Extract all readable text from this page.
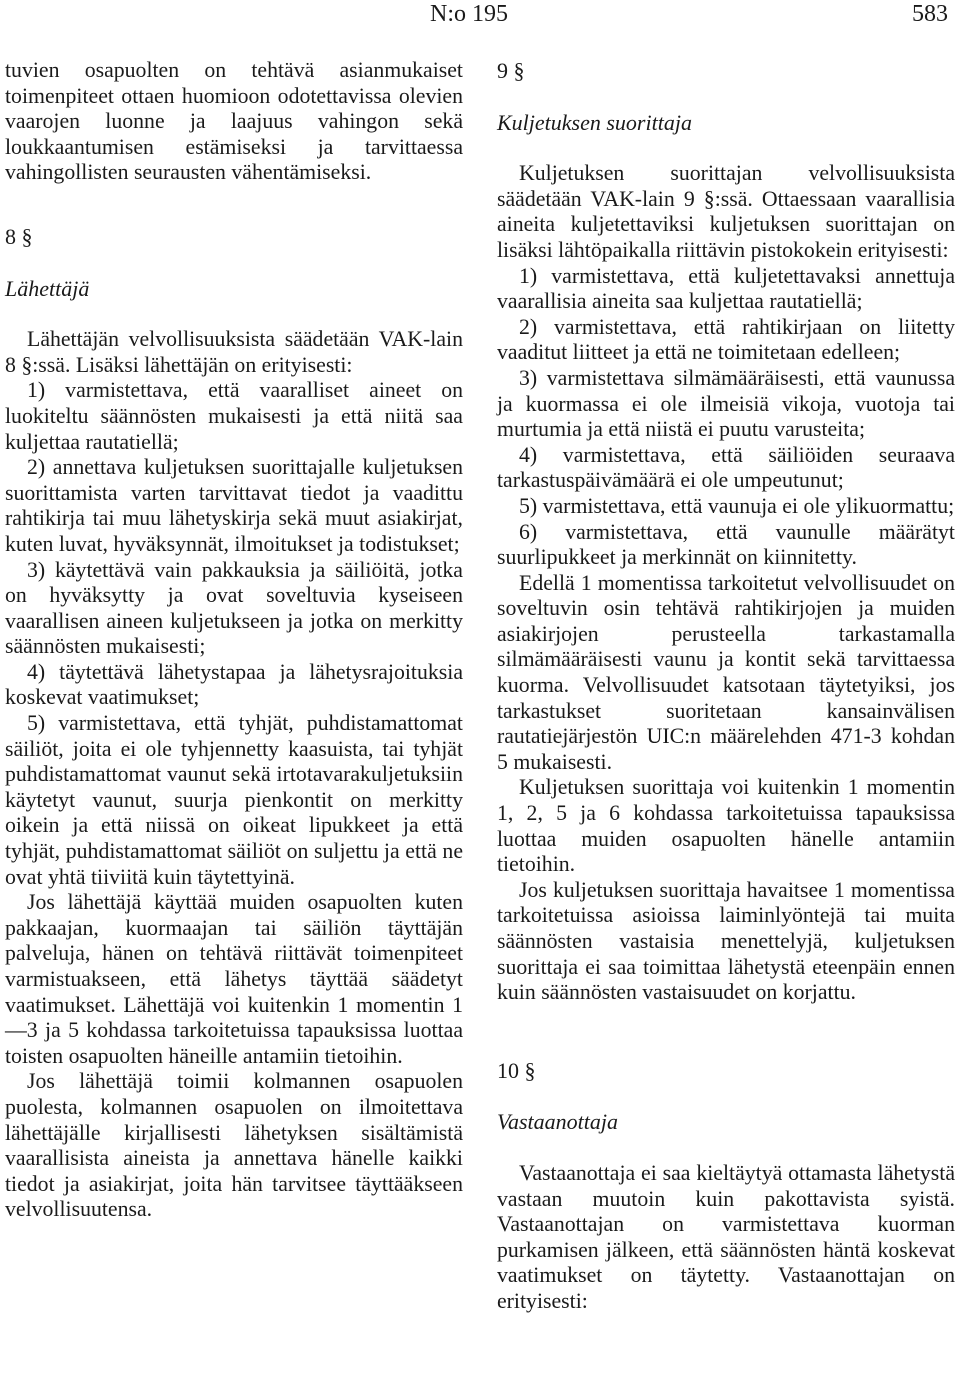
N:o 195	583

tuvien osapuolten on tehtävä asianmukaiset toimenpiteet ottaen huomioon odotettavissa olevien vaarojen luonne ja laajuus vahingon sekä loukkaantumisen estämiseksi ja tarvittaessa vahingollisten seurausten vähentämiseksi.

8 §

Lähettäjä

Lähettäjän velvollisuuksista säädetään VAK-lain 8 §:ssä. Lisäksi lähettäjän on erityisesti:

1) varmistettava, että vaaralliset aineet on luokiteltu säännösten mukaisesti ja että niitä saa kuljettaa rautatiellä;

2) annettava kuljetuksen suorittajalle kuljetuksen suorittamista varten tarvittavat tiedot ja vaadittu rahtikirja tai muu lähetyskirja sekä muut asiakirjat, kuten luvat, hyväksynnät, ilmoitukset ja todistukset;

3) käytettävä vain pakkauksia ja säiliöitä, jotka on hyväksytty ja ovat soveltuvia kyseiseen vaarallisen aineen kuljetukseen ja jotka on merkitty säännösten mukaisesti;

4) täytettävä lähetystapaa ja lähetysrajoituksia koskevat vaatimukset;

5) varmistettava, että tyhjät, puhdistamattomat säiliöt, joita ei ole tyhjennetty kaasuista, tai tyhjät puhdistamattomat vaunut sekä irtotavarakuljetuksiin käytetyt vaunut, suurja pienkontit on merkitty oikein ja että niissä on oikeat lipukkeet ja että tyhjät, puhdistamattomat säiliöt on suljettu ja että ne ovat yhtä tiiviitä kuin täytettyinä.

Jos lähettäjä käyttää muiden osapuolten kuten pakkaajan, kuormaajan tai säiliön täyttäjän palveluja, hänen on tehtävä riittävät toimenpiteet varmistuakseen, että lähetys täyttää säädetyt vaatimukset. Lähettäjä voi kuitenkin 1 momentin 1—3 ja 5 kohdassa tarkoitetuissa tapauksissa luottaa toisten osapuolten häneille antamiin tietoihin.

Jos lähettäjä toimii kolmannen osapuolen puolesta, kolmannen osapuolen on ilmoitettava lähettäjälle kirjallisesti lähetyksen sisältämistä vaarallisista aineista ja annettava hänelle kaikki tiedot ja asiakirjat, joita hän tarvitsee täyttääkseen velvollisuutensa.

9 §

Kuljetuksen suorittaja

Kuljetuksen suorittajan velvollisuuksista säädetään VAK-lain 9 §:ssä. Ottaessaan vaarallisia aineita kuljetettaviksi kuljetuksen suorittajan on lisäksi lähtöpaikalla riittävin pistokokein erityisesti:

1) varmistettava, että kuljetettavaksi annettuja vaarallisia aineita saa kuljettaa rautatiellä;

2) varmistettava, että rahtikirjaan on liitetty vaaditut liitteet ja että ne toimitetaan edelleen;

3) varmistettava silmämääräisesti, että vaunussa ja kuormassa ei ole ilmeisiä vikoja, vuotoja tai murtumia ja että niistä ei puutu varusteita;

4) varmistettava, että säiliöiden seuraava tarkastuspäivämäärä ei ole umpeutunut;

5) varmistettava, että vaunuja ei ole ylikuormattu;

6) varmistettava, että vaunulle määrätyt suurlipukkeet ja merkinnät on kiinnitetty.

Edellä 1 momentissa tarkoitetut velvollisuudet on soveltuvin osin tehtävä rahtikirjojen ja muiden asiakirjojen perusteella tarkastamalla silmämääräisesti vaunu ja kontit sekä tarvittaessa kuorma. Velvollisuudet katsotaan täytetyiksi, jos tarkastukset suoritetaan kansainvälisen rautatiejärjestön UIC:n määrelehden 471-3 kohdan 5 mukaisesti.

Kuljetuksen suorittaja voi kuitenkin 1 momentin 1, 2, 5 ja 6 kohdassa tarkoitetuissa tapauksissa luottaa muiden osapuolten hänelle antamiin tietoihin.

Jos kuljetuksen suorittaja havaitsee 1 momentissa tarkoitetuissa asioissa laiminlyöntejä tai muita säännösten vastaisia menettelyjä, kuljetuksen suorittaja ei saa toimittaa lähetystä eteenpäin ennen kuin säännösten vastaisuudet on korjattu.

10 §

Vastaanottaja

Vastaanottaja ei saa kieltäytyä ottamasta lähetystä vastaan muutoin kuin pakottavista syistä. Vastaanottajan on varmistettava kuorman purkamisen jälkeen, että säännösten häntä koskevat vaatimukset on täytetty. Vastaanottajan on erityisesti:
